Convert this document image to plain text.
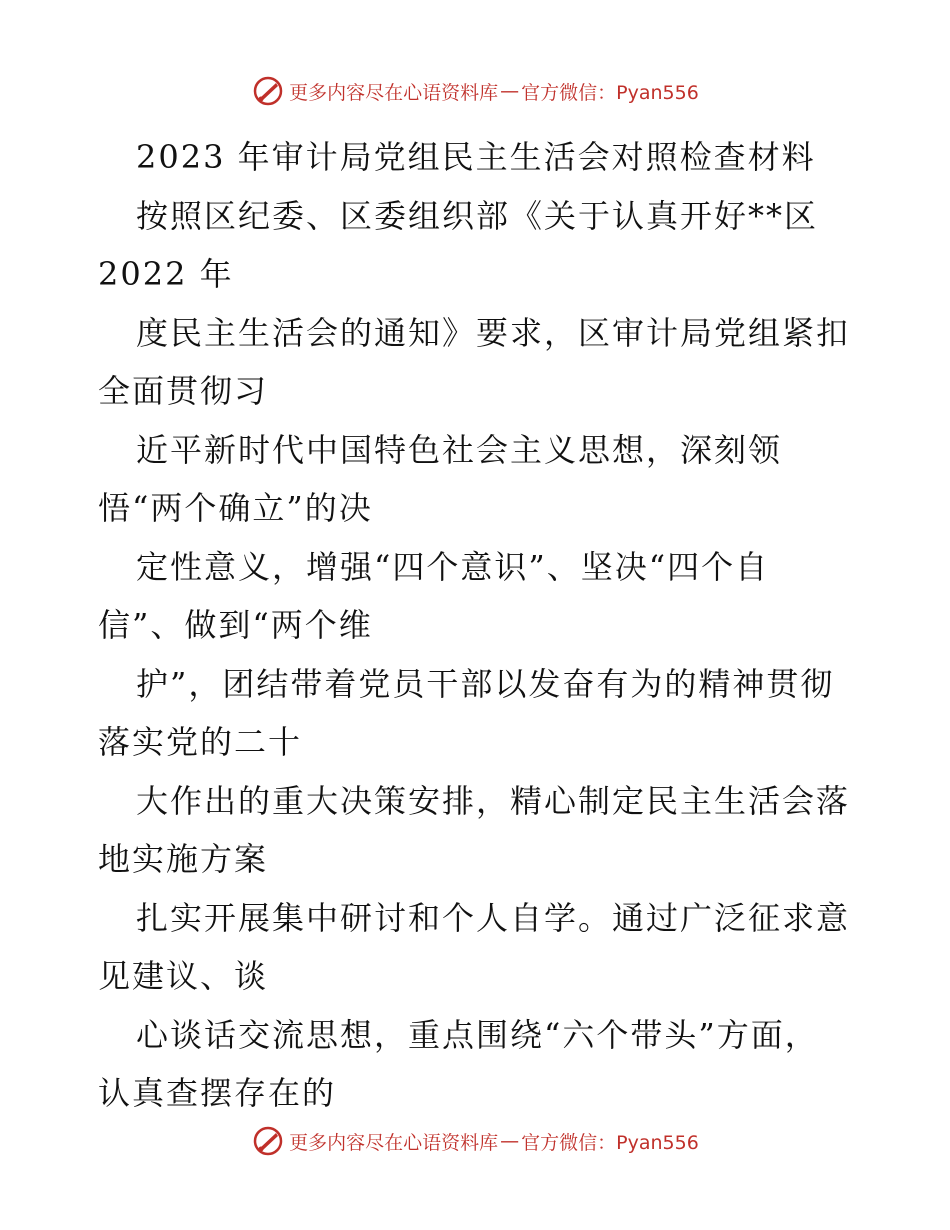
更多内容尽在心语资料库 — 官方微信：Pyan556
2023 年审计局党组民主生活会对照检查材料
按照区纪委、区委组织部《关于认真开好**区
2022 年
度民主生活会的通知》要求，区审计局党组紧扣
全面贯彻习
近平新时代中国特色社会主义思想，深刻领
悟“两个确立”的决
定性意义，增强“四个意识”、坚决“四个自
信”、做到“两个维
护”，团结带着党员干部以发奋有为的精神贯彻
落实党的二十
大作出的重大决策安排，精心制定民主生活会落
地实施方案
扎实开展集中研讨和个人自学。通过广泛征求意
见建议、谈
心谈话交流思想，重点围绕“六个带头”方面，
认真查摆存在的
更多内容尽在心语资料库 — 官方微信：Pyan556
